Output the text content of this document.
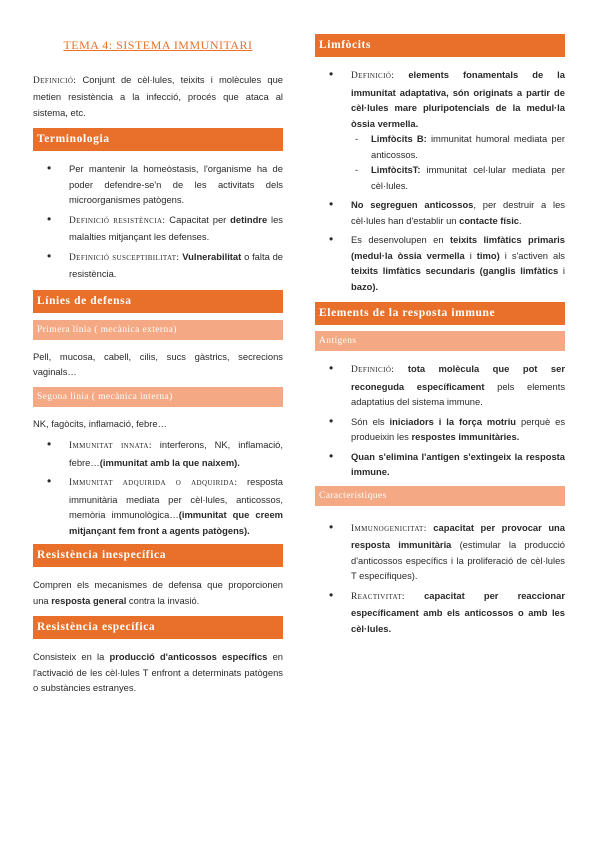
TEMA 4: SISTEMA IMMUNITARI

Definició: Conjunt de cèl·lules, teixits i molècules que metien resistència a la infecció, procés que ataca al sistema, etc.

Terminologia
• Per mantenir la homeòstasis, l'organisme ha de poder defendre-se'n de les activitats dels microorganismes patògens.
• Definició resistència: Capacitat per detindre les malalties mitjançant les defenses.
• Definició susceptibilitat: Vulnerabilitat o falta de resistència.
Línies de defensa
Primera línia ( mecànica externa)

Pell, mucosa, cabell, cilis, sucs gàstrics, secrecions vaginals…

Segona línia ( mecànica interna)

NK, fagòcits, inflamació, febre…

• Immunitat innata: interferons, NK, inflamació, febre…(immunitat amb la que naixem).
• Immunitat adquirida o adquirida: resposta immunitària mediata per cèl·lules, anticossos, memòria immunològica…(immunitat que creem mitjançant fem front a agents patògens).
Resistència inespecífica

Compren els mecanismes de defensa que proporcionen una resposta general contra la invasió.

Resistència específica

Consisteix en la producció d'anticossos específics en l'activació de les cèl·lules T enfront a determinats patògens o substàncies estranyes.

Limfòcits
• Definició: elements fonamentals de la immunitat adaptativa, són originats a partir de cèl·lules mare pluripotencials de la medul·la òssia vermella.
- Limfòcits B: immunitat humoral mediata per anticossos.
- LimfòcitsT: immunitat cel·lular mediata per cèl·lules.
• No segreguen anticossos, per destruir a les cèl·lules han d'establir un contacte físic.
• Es desenvolupen en teixits limfàtics primaris (medul·la òssia vermella i timo) i s'activen als teixits limfàtics secundaris (ganglis limfàtics i bazo).
Elements de la resposta immune
Antígens
• Definició: tota molècula que pot ser reconeguda específicament pels elements adaptatius del sistema immune.
• Són els iniciadors i la força motriu perquè es produeixin les respostes immunitàries.
• Quan s'elimina l'antigen s'extingeix la resposta immune.
Característiques
• Immunogenicitat: capacitat per provocar una resposta immunitària (estimular la producció d'anticossos específics i la proliferació de cèl·lules T específiques).
• Reactivitat: capacitat per reaccionar específicament amb els anticossos o amb les cèl·lules.
